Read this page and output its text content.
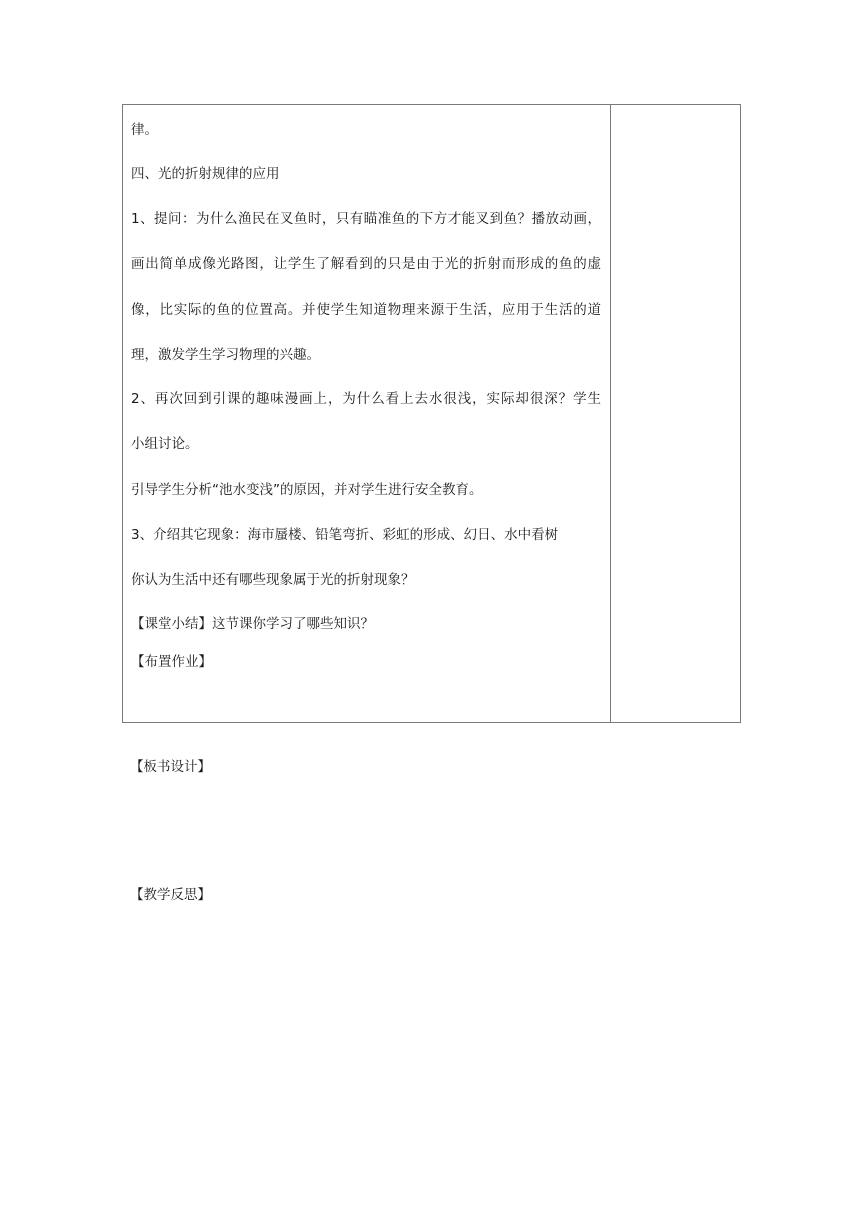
律。
四、光的折射规律的应用
1、提问：为什么渔民在叉鱼时，只有瞄准鱼的下方才能叉到鱼？播放动画，
画出简单成像光路图，让学生了解看到的只是由于光的折射而形成的鱼的虚
像，比实际的鱼的位置高。并使学生知道物理来源于生活，应用于生活的道
理，激发学生学习物理的兴趣。
2、再次回到引课的趣味漫画上，为什么看上去水很浅，实际却很深？学生
小组讨论。
引导学生分析“池水变浅”的原因，并对学生进行安全教育。
3、介绍其它现象：海市蜃楼、铅笔弯折、彩虹的形成、幻日、水中看树
你认为生活中还有哪些现象属于光的折射现象？
【课堂小结】这节课你学习了哪些知识？
【布置作业】
【板书设计】
【教学反思】
